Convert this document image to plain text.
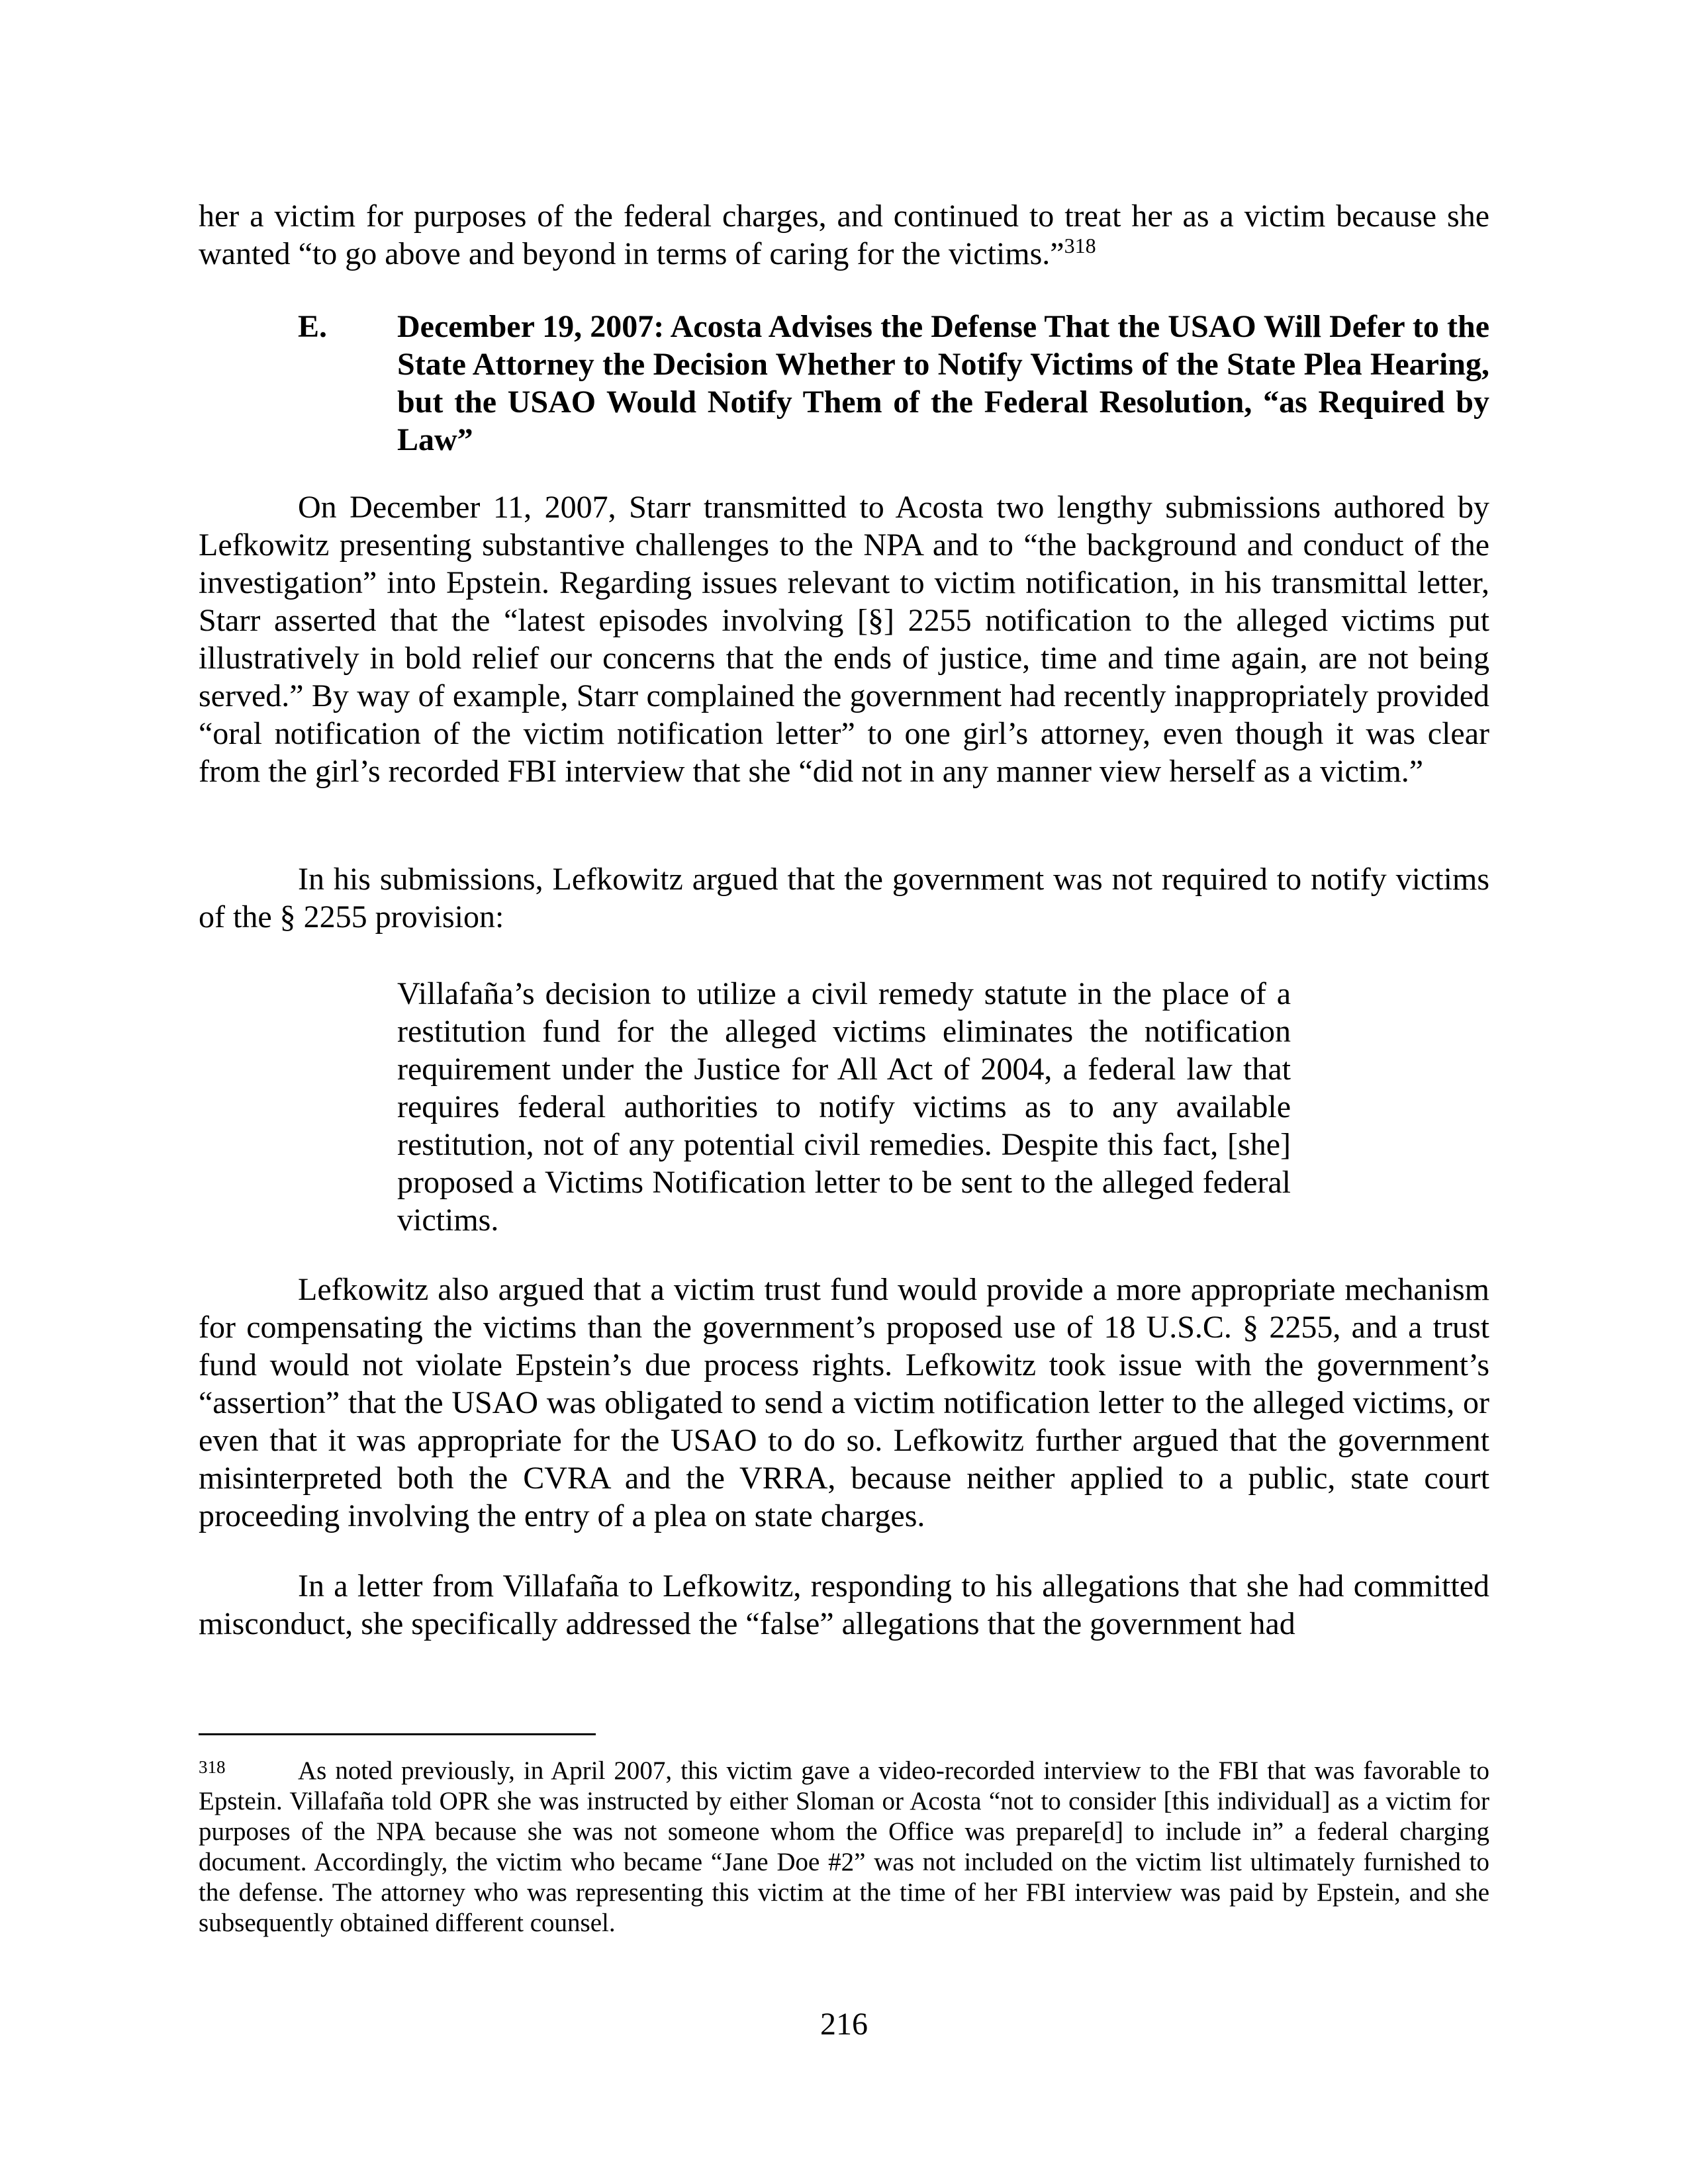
her a victim for purposes of the federal charges, and continued to treat her as a victim because she wanted “to go above and beyond in terms of caring for the victims.”$^{318}$

E.	December 19, 2007: Acosta Advises the Defense That the USAO Will Defer to the State Attorney the Decision Whether to Notify Victims of the State Plea Hearing, but the USAO Would Notify Them of the Federal Resolution, “as Required by Law”

On December 11, 2007, Starr transmitted to Acosta two lengthy submissions authored by Lefkowitz presenting substantive challenges to the NPA and to “the background and conduct of the investigation” into Epstein. Regarding issues relevant to victim notification, in his transmittal letter, Starr asserted that the “latest episodes involving [§] 2255 notification to the alleged victims put illustratively in bold relief our concerns that the ends of justice, time and time again, are not being served.” By way of example, Starr complained the government had recently inappropriately provided “oral notification of the victim notification letter” to one girl’s attorney, even though it was clear from the girl’s recorded FBI interview that she “did not in any manner view herself as a victim.”

In his submissions, Lefkowitz argued that the government was not required to notify victims of the § 2255 provision:

Villafaña’s decision to utilize a civil remedy statute in the place of a restitution fund for the alleged victims eliminates the notification requirement under the Justice for All Act of 2004, a federal law that requires federal authorities to notify victims as to any available restitution, not of any potential civil remedies. Despite this fact, [she] proposed a Victims Notification letter to be sent to the alleged federal victims.

Lefkowitz also argued that a victim trust fund would provide a more appropriate mechanism for compensating the victims than the government’s proposed use of 18 U.S.C. § 2255, and a trust fund would not violate Epstein’s due process rights. Lefkowitz took issue with the government’s “assertion” that the USAO was obligated to send a victim notification letter to the alleged victims, or even that it was appropriate for the USAO to do so. Lefkowitz further argued that the government misinterpreted both the CVRA and the VRRA, because neither applied to a public, state court proceeding involving the entry of a plea on state charges.

In a letter from Villafaña to Lefkowitz, responding to his allegations that she had committed misconduct, she specifically addressed the “false” allegations that the government had

318	As noted previously, in April 2007, this victim gave a video-recorded interview to the FBI that was favorable to Epstein. Villafaña told OPR she was instructed by either Sloman or Acosta “not to consider [this individual] as a victim for purposes of the NPA because she was not someone whom the Office was prepare[d] to include in” a federal charging document. Accordingly, the victim who became “Jane Doe #2” was not included on the victim list ultimately furnished to the defense. The attorney who was representing this victim at the time of her FBI interview was paid by Epstein, and she subsequently obtained different counsel.

216
